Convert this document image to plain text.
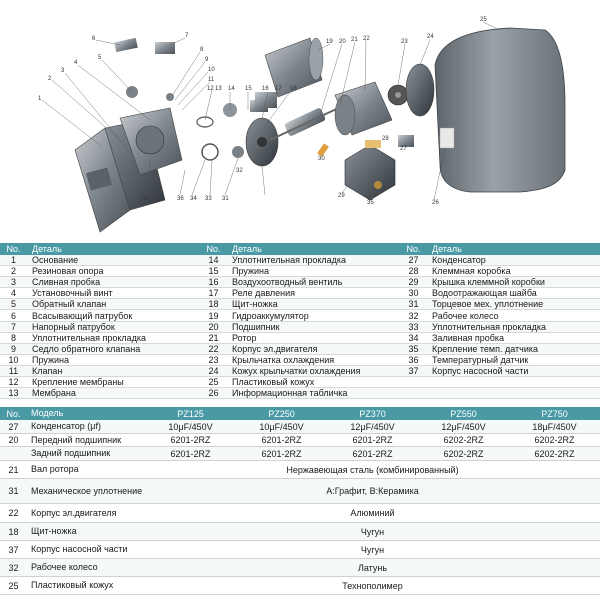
1
2
3
4
5
6	7
8
9
10
11
12 13 14 15 16 17 18
19 20 21 22	23
24
25
26
27
28
29
30
31
32
33
34
35
36
37
No.	Деталь	No.	Деталь	No.	Деталь
1	Основание	14	Уплотнительная прокладка	27	Конденсатор
2	Резиновая опора	15	Пружина	28	Клеммная коробка
3	Сливная пробка	16	Воздухоотводный вентиль	29	Крышка клеммной коробки
4	Установочный винт	17	Реле давления	30	Водоотражающая шайба
5	Обратный клапан	18	Щит-ножка	31	Торцевое мех. уплотнение
6	Всасывающий патрубок	19	Гидроаккумулятор	32	Рабочее колесо
7	Напорный патрубок	20	Подшипник	33	Уплотнительная прокладка
8	Уплотнительная прокладка	21	Ротор	34	Заливная пробка
9	Седло обратного клапана	22	Корпус эл.двигателя	35	Крепление темп. датчика
10	Пружина	23	Крыльчатка охлаждения	36	Температурный датчик
11	Клапан	24	Кожух крыльчатки охлаждения	37	Корпус насосной части
12	Крепление мембраны	25	Пластиковый кожух
13	Мембрана	26	Информационная табличка
No.	Модель	PZ125	PZ250	PZ370	PZ550	PZ750
27	Конденсатор (μf)	10μF/450V	10μF/450V	12μF/450V	12μF/450V	18μF/450V
20	Передний подшипник	6201-2RZ	6201-2RZ	6201-2RZ	6202-2RZ	6202-2RZ
Задний подшипник	6201-2RZ	6201-2RZ	6201-2RZ	6202-2RZ	6202-2RZ
21	Вал ротора	Нержавеющая сталь (комбинированный)
31	Механическое уплотнение	А:Графит, В:Керамика
22	Корпус эл.двигателя	Алюминий
18	Щит-ножка	Чугун
37	Корпус насосной части	Чугун
32	Рабочее колесо	Латунь
25	Пластиковый кожух	Технополимер
